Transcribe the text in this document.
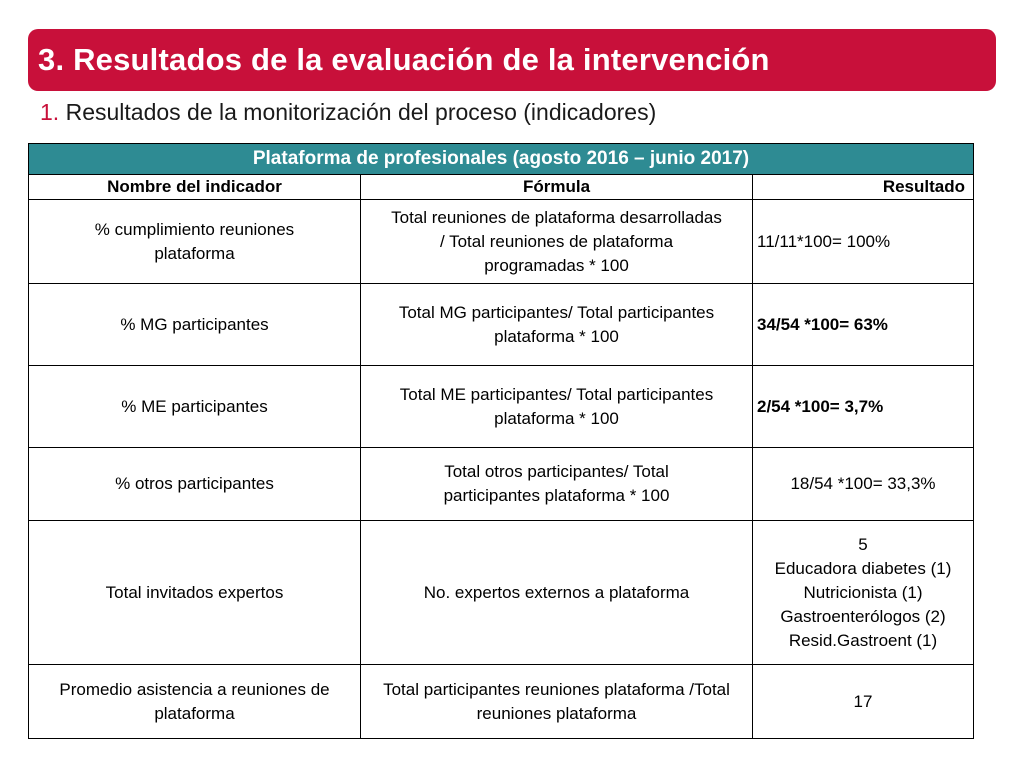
3. Resultados de la evaluación de la intervención
1. Resultados de la monitorización del proceso (indicadores)
Plataforma de profesionales (agosto 2016 – junio 2017)		
Nombre del indicador	Fórmula	Resultado
% cumplimiento reuniones plataforma	Total reuniones de plataforma desarrolladas / Total reuniones de plataforma programadas * 100	11/11*100= 100%
% MG participantes	Total MG participantes/ Total participantes plataforma * 100	34/54 *100= 63%
% ME participantes	Total ME participantes/ Total participantes plataforma * 100	2/54 *100= 3,7%
% otros participantes	Total otros participantes/ Total participantes plataforma * 100	18/54 *100= 33,3%
Total invitados expertos	No. expertos externos a plataforma	5
Educadora diabetes (1)
Nutricionista (1)
Gastroenterólogos (2)
Resid.Gastroent (1)

Promedio asistencia a reuniones de plataforma	Total participantes reuniones plataforma /Total reuniones plataforma	17
